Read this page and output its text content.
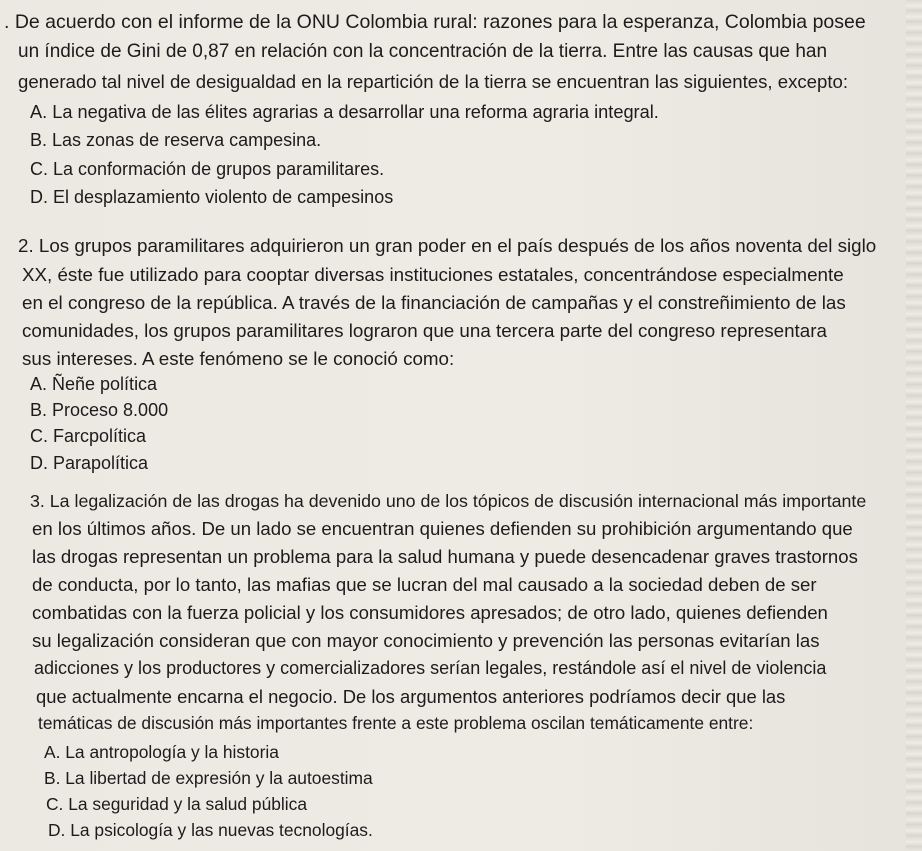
. De acuerdo con el informe de la ONU Colombia rural: razones para la esperanza, Colombia posee
un índice de Gini de 0,87 en relación con la concentración de la tierra. Entre las causas que han
generado tal nivel de desigualdad en la repartición de la tierra se encuentran las siguientes, excepto:
A. La negativa de las élites agrarias a desarrollar una reforma agraria integral.
B. Las zonas de reserva campesina.
C. La conformación de grupos paramilitares.
D. El desplazamiento violento de campesinos
2. Los grupos paramilitares adquirieron un gran poder en el país después de los años noventa del siglo
XX, éste fue utilizado para cooptar diversas instituciones estatales, concentrándose especialmente
en el congreso de la república. A través de la financiación de campañas y el constreñimiento de las
comunidades, los grupos paramilitares lograron que una tercera parte del congreso representara
sus intereses. A este fenómeno se le conoció como:
A. Ñeñe política
B. Proceso 8.000
C. Farcpolítica
D. Parapolítica
3. La legalización de las drogas ha devenido uno de los tópicos de discusión internacional más importante
en los últimos años. De un lado se encuentran quienes defienden su prohibición argumentando que
las drogas representan un problema para la salud humana y puede desencadenar graves trastornos
de conducta, por lo tanto, las mafias que se lucran del mal causado a la sociedad deben de ser
combatidas con la fuerza policial y los consumidores apresados; de otro lado, quienes defienden
su legalización consideran que con mayor conocimiento y prevención las personas evitarían las
adicciones y los productores y comercializadores serían legales, restándole así el nivel de violencia
que actualmente encarna el negocio. De los argumentos anteriores podríamos decir que las
temáticas de discusión más importantes frente a este problema oscilan temáticamente entre:
A. La antropología y la historia
B. La libertad de expresión y la autoestima
C. La seguridad y la salud pública
D. La psicología y las nuevas tecnologías.
